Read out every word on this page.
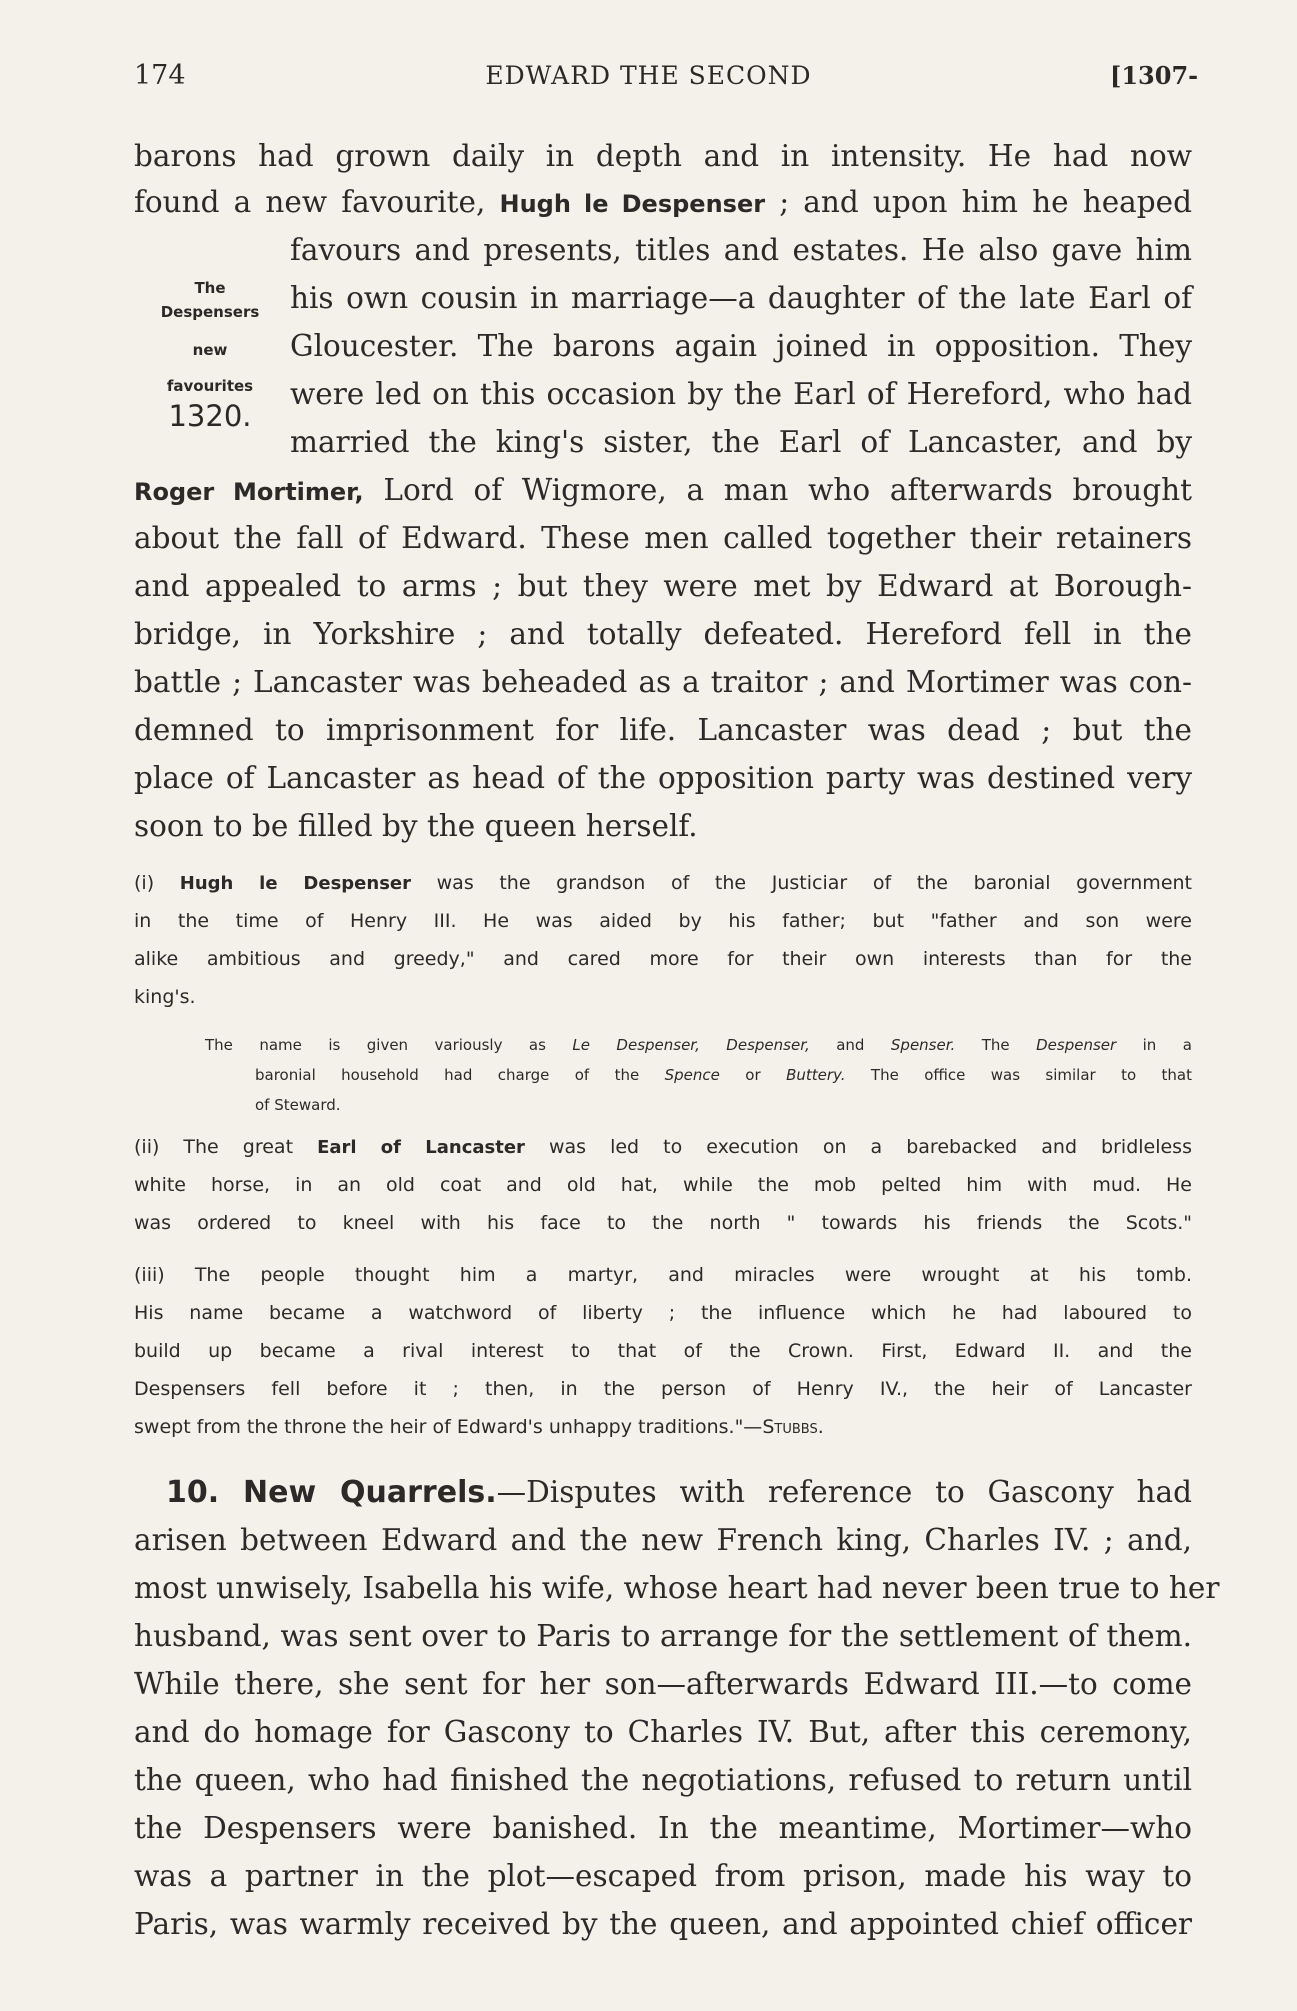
174	EDWARD THE SECOND	[1307-
The
Despensers
new
favourites
1320.
barons had grown daily in depth and in intensity. He had now
found a new favourite, Hugh le Despenser ; and upon him he heaped
favours and presents, titles and estates. He also gave him
his own cousin in marriage—a daughter of the late Earl of
Gloucester. The barons again joined in opposition. They
were led on this occasion by the Earl of Hereford, who had
married the king's sister, the Earl of Lancaster, and by
Roger Mortimer, Lord of Wigmore, a man who afterwards brought
about the fall of Edward. These men called together their retainers
and appealed to arms ; but they were met by Edward at Borough-
bridge, in Yorkshire ; and totally defeated. Hereford fell in the
battle ; Lancaster was beheaded as a traitor ; and Mortimer was con-
demned to imprisonment for life. Lancaster was dead ; but the
place of Lancaster as head of the opposition party was destined very
soon to be filled by the queen herself.
(i) Hugh le Despenser was the grandson of the Justiciar of the baronial government
in the time of Henry III. He was aided by his father; but "father and son were
alike ambitious and greedy," and cared more for their own interests than for the
king's.
The name is given variously as Le Despenser, Despenser, and Spenser. The Despenser in a
baronial household had charge of the Spence or Buttery. The office was similar to that
of Steward.
(ii) The great Earl of Lancaster was led to execution on a barebacked and bridleless
white horse, in an old coat and old hat, while the mob pelted him with mud. He
was ordered to kneel with his face to the north " towards his friends the Scots."
(iii) The people thought him a martyr, and miracles were wrought at his tomb.
His name became a watchword of liberty ; the influence which he had laboured to
build up became a rival interest to that of the Crown. First, Edward II. and the
Despensers fell before it ; then, in the person of Henry IV., the heir of Lancaster
swept from the throne the heir of Edward's unhappy traditions."—Stubbs.
10. New Quarrels.—Disputes with reference to Gascony had
arisen between Edward and the new French king, Charles IV. ; and,
most unwisely, Isabella his wife, whose heart had never been true to her
husband, was sent over to Paris to arrange for the settlement of them.
While there, she sent for her son—afterwards Edward III.—to come
and do homage for Gascony to Charles IV. But, after this ceremony,
the queen, who had finished the negotiations, refused to return until
the Despensers were banished. In the meantime, Mortimer—who
was a partner in the plot—escaped from prison, made his way to
Paris, was warmly received by the queen, and appointed chief officer
